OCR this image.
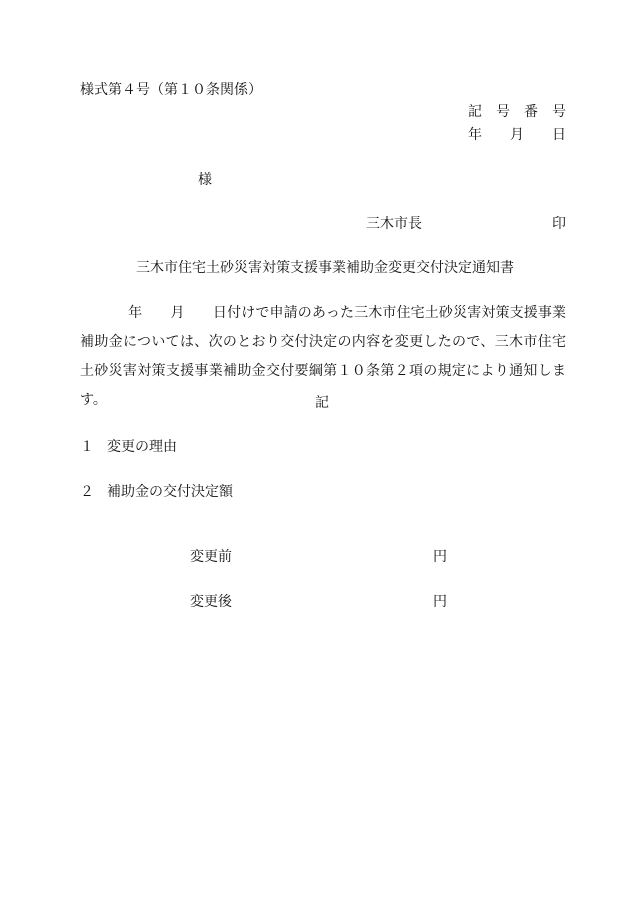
様式第４号（第１０条関係）
記　号　番　号
年　　月　　日
様
三木市長	印
三木市住宅土砂災害対策支援事業補助金変更交付決定通知書
年　　月　　日付けで申請のあった三木市住宅土砂災害対策支援事業補助金については、次のとおり交付決定の内容を変更したので、三木市住宅土砂災害対策支援事業補助金交付要綱第１０条第２項の規定により通知します。	記
１ 変更の理由
２ 補助金の交付決定額
変更前	円
変更後	円
